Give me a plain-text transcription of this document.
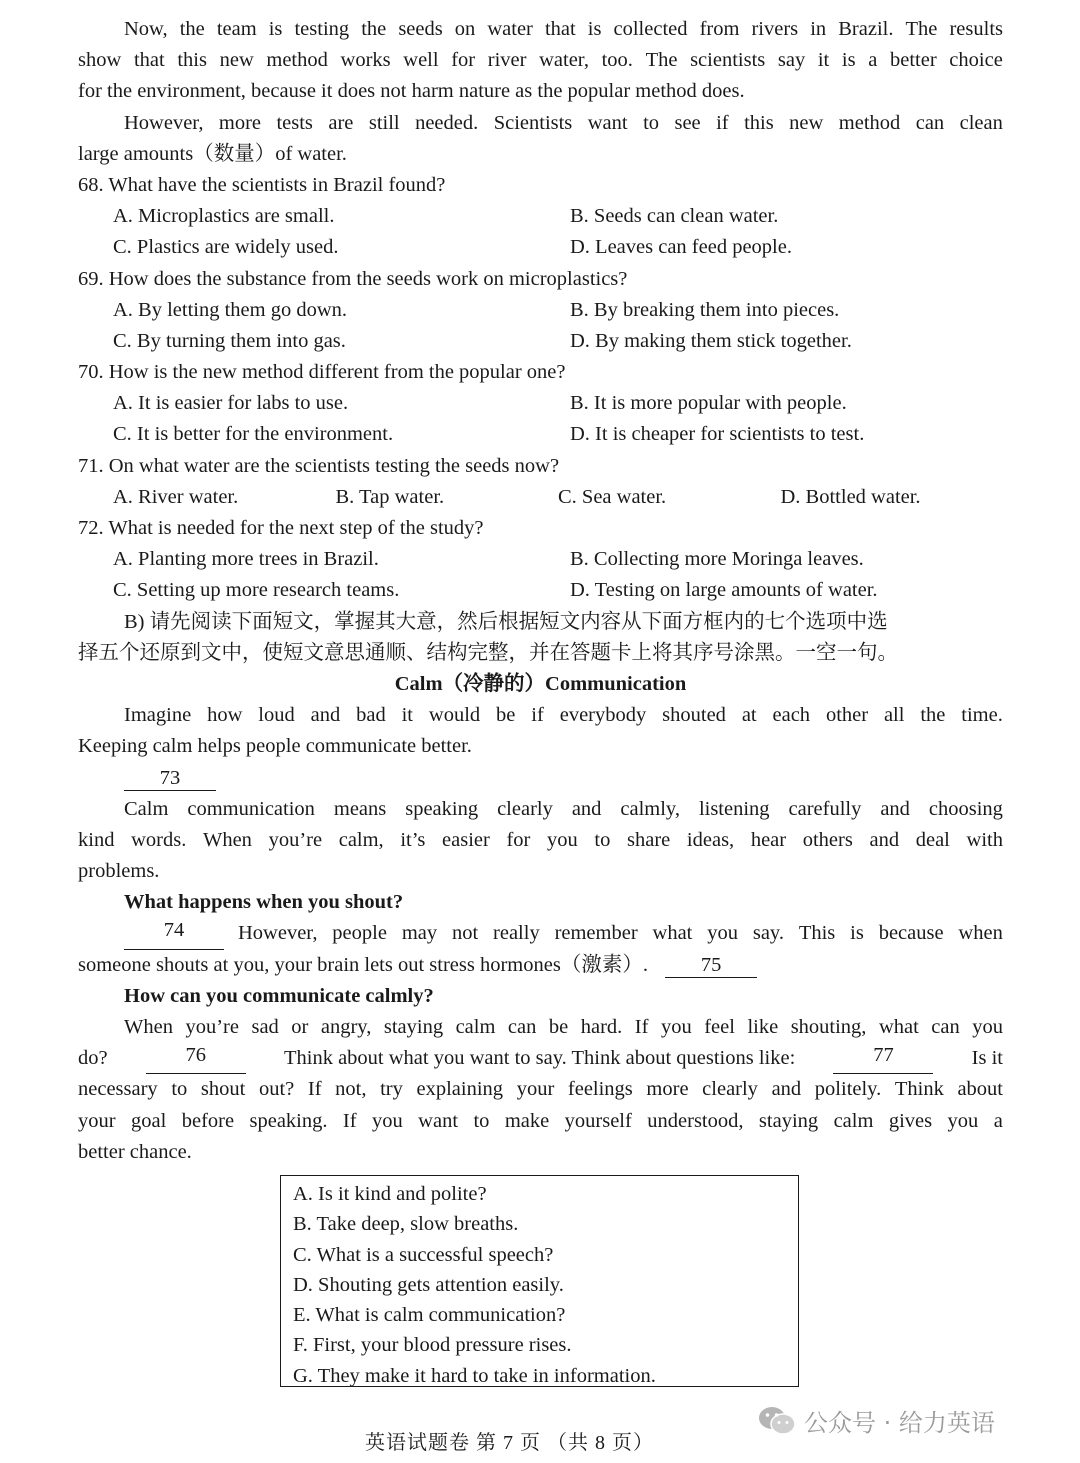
Now, the team is testing the seeds on water that is collected from rivers in Brazil. The results
show that this new method works well for river water, too. The scientists say it is a better choice
for the environment, because it does not harm nature as the popular method does.
However, more tests are still needed. Scientists want to see if this new method can clean
large amounts（数量）of water.
68. What have the scientists in Brazil found?
A. Microplastics are small.	B. Seeds can clean water.
C. Plastics are widely used.	D. Leaves can feed people.
69. How does the substance from the seeds work on microplastics?
A. By letting them go down.	B. By breaking them into pieces.
C. By turning them into gas.	D. By making them stick together.
70. How is the new method different from the popular one?
A. It is easier for labs to use.	B. It is more popular with people.
C. It is better for the environment.	D. It is cheaper for scientists to test.
71. On what water are the scientists testing the seeds now?
A. River water.	B. Tap water.	C. Sea water.	D. Bottled water.
72. What is needed for the next step of the study?
A. Planting more trees in Brazil.	B. Collecting more Moringa leaves.
C. Setting up more research teams.	D. Testing on large amounts of water.
B) 请先阅读下面短文，掌握其大意，然后根据短文内容从下面方框内的七个选项中选
择五个还原到文中，使短文意思通顺、结构完整，并在答题卡上将其序号涂黑。一空一句。
Calm（冷静的）Communication
Imagine how loud and bad it would be if everybody shouted at each other all the time.
Keeping calm helps people communicate better.
73
Calm communication means speaking clearly and calmly, listening carefully and choosing
kind words. When you’re calm, it’s easier for you to share ideas, hear others and deal with
problems.
What happens when you shout?
74	However, people may not really remember what you say. This is because when
someone shouts at you, your brain lets out stress hormones（激素）.	75
How can you communicate calmly?
When you’re sad or angry, staying calm can be hard. If you feel like shouting, what can you
do?	76	Think about what you want to say. Think about questions like:	77	Is it
necessary to shout out? If not, try explaining your feelings more clearly and politely. Think about
your goal before speaking. If you want to make yourself understood, staying calm gives you a
better chance.
A. Is it kind and polite?
B. Take deep, slow breaths.
C. What is a successful speech?
D. Shouting gets attention easily.
E. What is calm communication?
F. First, your blood pressure rises.
G. They make it hard to take in information.
公众号 · 给力英语
英语试题卷 第 7 页 （共 8 页）
